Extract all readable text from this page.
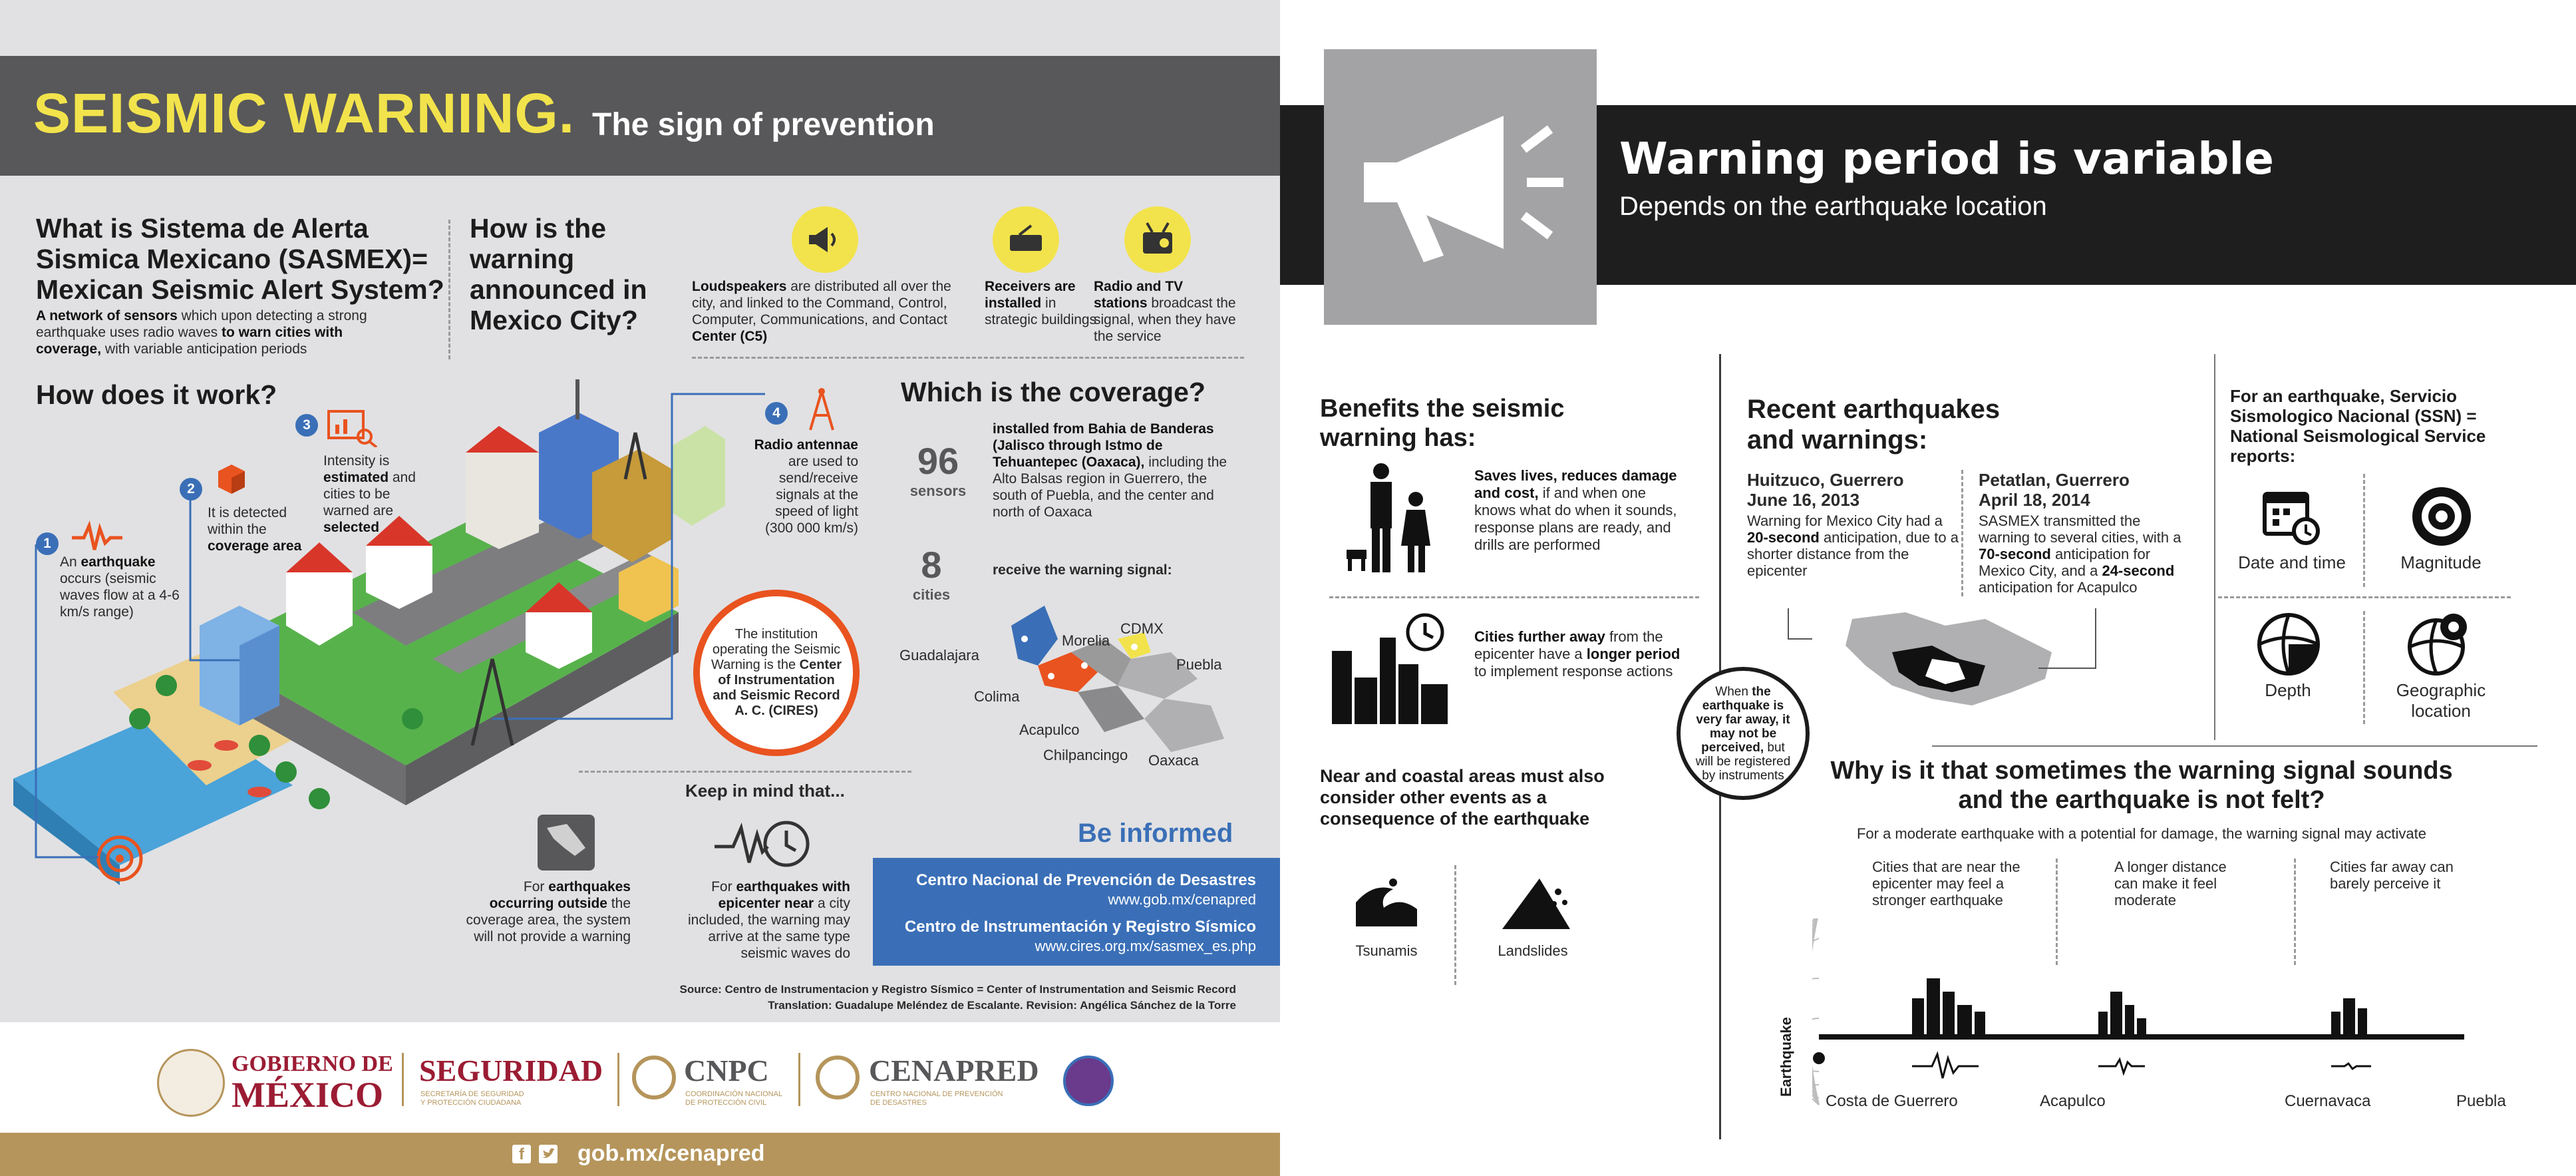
SEISMIC WARNING. The sign of prevention
What is Sistema de Alerta Sismica Mexicano (SASMEX)= Mexican Seismic Alert System?
A network of sensors which upon detecting a strong earthquake uses radio waves to warn cities with coverage, with variable anticipation periods
How is the warning announced in Mexico City?
Loudspeakers are distributed all over the city, and linked to the Command, Control, Computer, Communications, and Contact Center (C5)
Receivers are installed in strategic buildings
Radio and TV stations broadcast the signal, when they have the service
How does it work?
1
An earthquake occurs (seismic waves flow at a 4-6 km/s range)
2
It is detected within the coverage area
3
Intensity is estimated and cities to be warned are selected
4
Radio antennae are used to send/receive signals at the speed of light (300 000 km/s)
The institution operating the Seismic Warning is the Center of Instrumentation and Seismic Record A. C. (CIRES)
Which is the coverage?
96
sensors
installed from Bahia de Banderas (Jalisco through Istmo de Tehuantepec (Oaxaca), including the Alto Balsas region in Guerrero, the south of Puebla, and the center and north of Oaxaca
8
cities
receive the warning signal:
Guadalajara
Morelia
CDMX
Puebla
Colima
Acapulco
Chilpancingo Oaxaca
Keep in mind that...
For earthquakes occurring outside the coverage area, the system will not provide a warning
For earthquakes with epicenter near a city included, the warning may arrive at the same type seismic waves do
Be informed
Centro Nacional de Prevención de Desastres
www.gob.mx/cenapred
Centro de Instrumentación y Registro Sísmico
www.cires.org.mx/sasmex_es.php
Source: Centro de Instrumentacion y Registro Sísmico = Center of Instrumentation and Seismic Record
Translation: Guadalupe Meléndez de Escalante. Revision: Angélica Sánchez de la Torre
GOBIERNO DE
MÉXICO
SEGURIDAD
SECRETARÍA DE SEGURIDAD
Y PROTECCIÓN CIUDADANA
CNPC
COORDINACIÓN NACIONAL
DE PROTECCIÓN CIVIL
CENAPRED
CENTRO NACIONAL DE PREVENCIÓN
DE DESASTRES
f gob.mx/cenapred
Warning period is variable
Depends on the earthquake location
Benefits the seismic warning has:
Saves lives, reduces damage and cost, if and when one knows what do when it sounds, response plans are ready, and drills are performed
Cities further away from the epicenter have a longer period to implement response actions
Near and coastal areas must also consider other events as a consequence of the earthquake
Tsunamis	Landslides
Recent earthquakes and warnings:
Huitzuco, Guerrero
June 16, 2013
Warning for Mexico City had a 20-second anticipation, due to a shorter distance from the epicenter
Petatlan, Guerrero
April 18, 2014
SASMEX transmitted the warning to several cities, with a 70-second anticipation for Mexico City, and a 24-second anticipation for Acapulco
For an earthquake, Servicio Sismologico Nacional (SSN) = National Seismological Service reports:
Date and time	Magnitude
Depth	Geographic location
When the earthquake is very far away, it may not be perceived, but will be registered by instruments	Why is it that sometimes the warning signal sounds and the earthquake is not felt?
For a moderate earthquake with a potential for damage, the warning signal may activate
Cities that are near the epicenter may feel a stronger earthquake
A longer distance can make it feel moderate
Cities far away can barely perceive it
Earthquake
Costa de Guerrero	Acapulco	Cuernavaca	Puebla
